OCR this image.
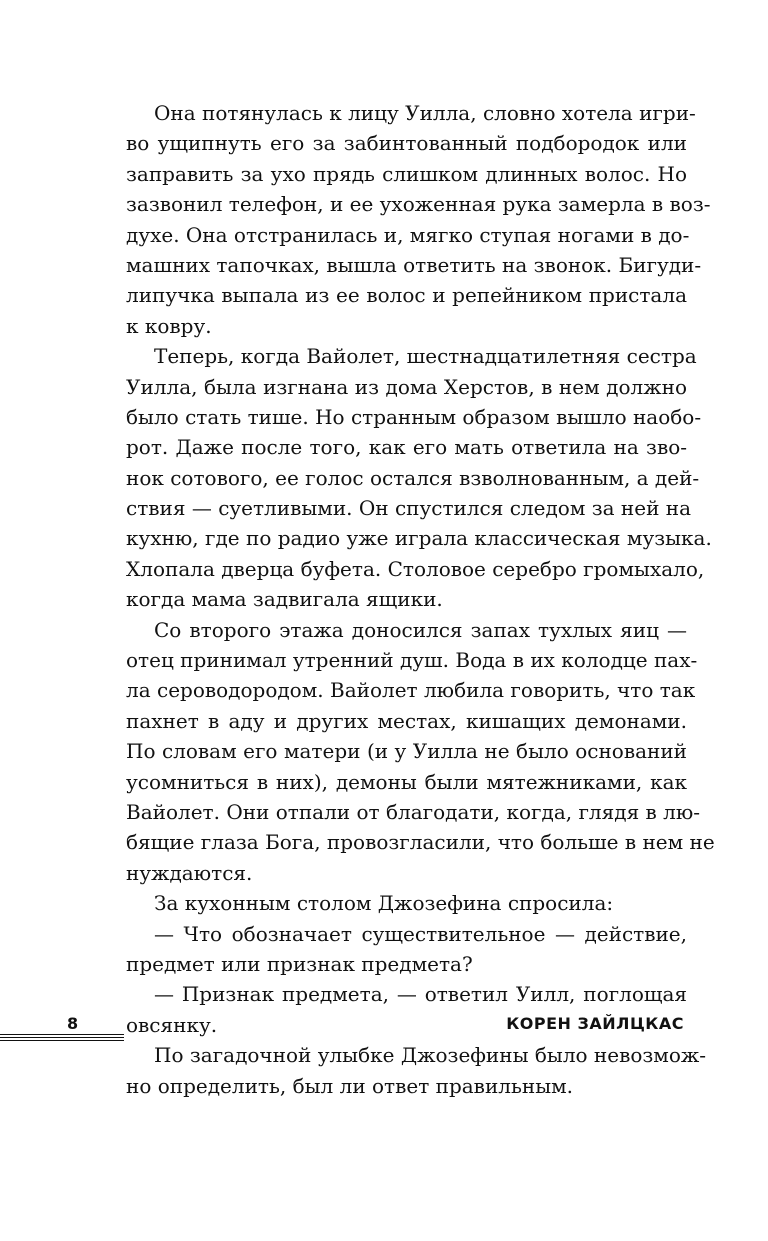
Она потянулась к лицу Уилла, словно хотела игри-
во ущипнуть его за забинтованный подбородок или
заправить за ухо прядь слишком длинных волос. Но
зазвонил телефон, и ее ухоженная рука замерла в воз-
духе. Она отстранилась и, мягко ступая ногами в до-
машних тапочках, вышла ответить на звонок. Бигуди-
липучка выпала из ее волос и репейником пристала
к ковру.
Теперь, когда Вайолет, шестнадцатилетняя сестра
Уилла, была изгнана из дома Херстов, в нем должно
было стать тише. Но странным образом вышло наобо-
рот. Даже после того, как его мать ответила на зво-
нок сотового, ее голос остался взволнованным, а дей-
ствия — суетливыми. Он спустился следом за ней на
кухню, где по радио уже играла классическая музыка.
Хлопала дверца буфета. Столовое серебро громыхало,
когда мама задвигала ящики.
Со второго этажа доносился запах тухлых яиц —
отец принимал утренний душ. Вода в их колодце пах-
ла сероводородом. Вайолет любила говорить, что так
пахнет в аду и других местах, кишащих демонами.
По словам его матери (и у Уилла не было оснований
усомниться в них), демоны были мятежниками, как
Вайолет. Они отпали от благодати, когда, глядя в лю-
бящие глаза Бога, провозгласили, что больше в нем не
нуждаются.
За кухонным столом Джозефина спросила:
— Что обозначает существительное — действие,
предмет или признак предмета?
— Признак предмета, — ответил Уилл, поглощая
овсянку.
По загадочной улыбке Джозефины было невозмож-
но определить, был ли ответ правильным.
8	КОРЕН ЗАЙЛЦКАС
